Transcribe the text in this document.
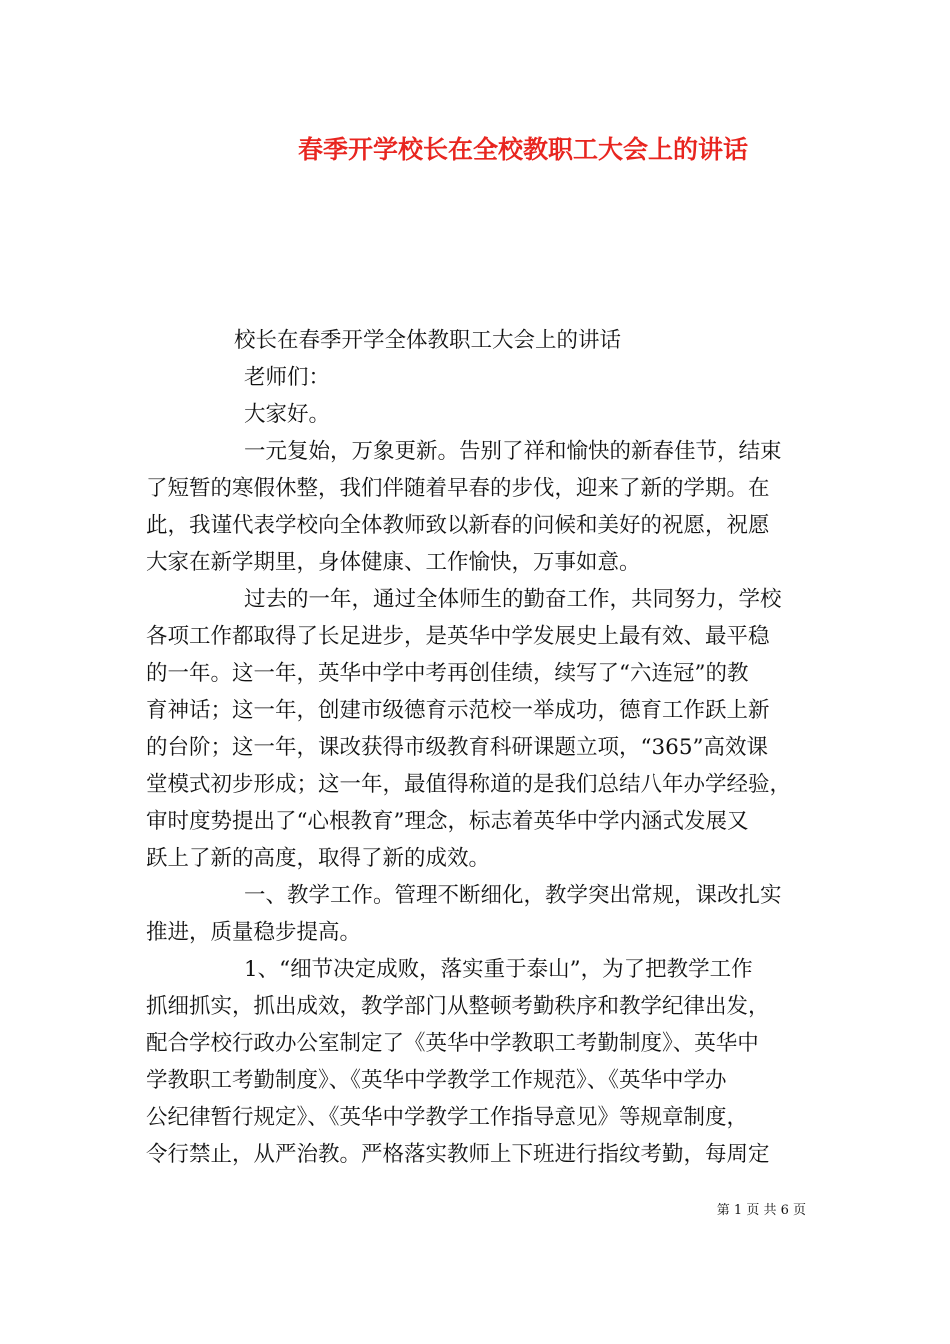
春季开学校长在全校教职工大会上的讲话
校长在春季开学全体教职工大会上的讲话
老师们：
大家好。
一元复始，万象更新。告别了祥和愉快的新春佳节，结束
了短暂的寒假休整，我们伴随着早春的步伐，迎来了新的学期。在
此，我谨代表学校向全体教师致以新春的问候和美好的祝愿，祝愿
大家在新学期里，身体健康、工作愉快，万事如意。
过去的一年，通过全体师生的勤奋工作，共同努力，学校
各项工作都取得了长足进步，是英华中学发展史上最有效、最平稳
的一年。这一年，英华中学中考再创佳绩，续写了“六连冠”的教
育神话；这一年，创建市级德育示范校一举成功，德育工作跃上新
的台阶；这一年，课改获得市级教育科研课题立项，“365”高效课
堂模式初步形成；这一年，最值得称道的是我们总结八年办学经验，
审时度势提出了“心根教育”理念，标志着英华中学内涵式发展又
跃上了新的高度，取得了新的成效。
一、教学工作。管理不断细化，教学突出常规，课改扎实
推进，质量稳步提高。
1、“细节决定成败，落实重于泰山”，为了把教学工作
抓细抓实，抓出成效，教学部门从整顿考勤秩序和教学纪律出发，
配合学校行政办公室制定了《英华中学教职工考勤制度》、英华中
学教职工考勤制度》、《英华中学教学工作规范》、《英华中学办
公纪律暂行规定》、《英华中学教学工作指导意见》等规章制度，
令行禁止，从严治教。严格落实教师上下班进行指纹考勤，每周定
第 1 页 共 6 页
